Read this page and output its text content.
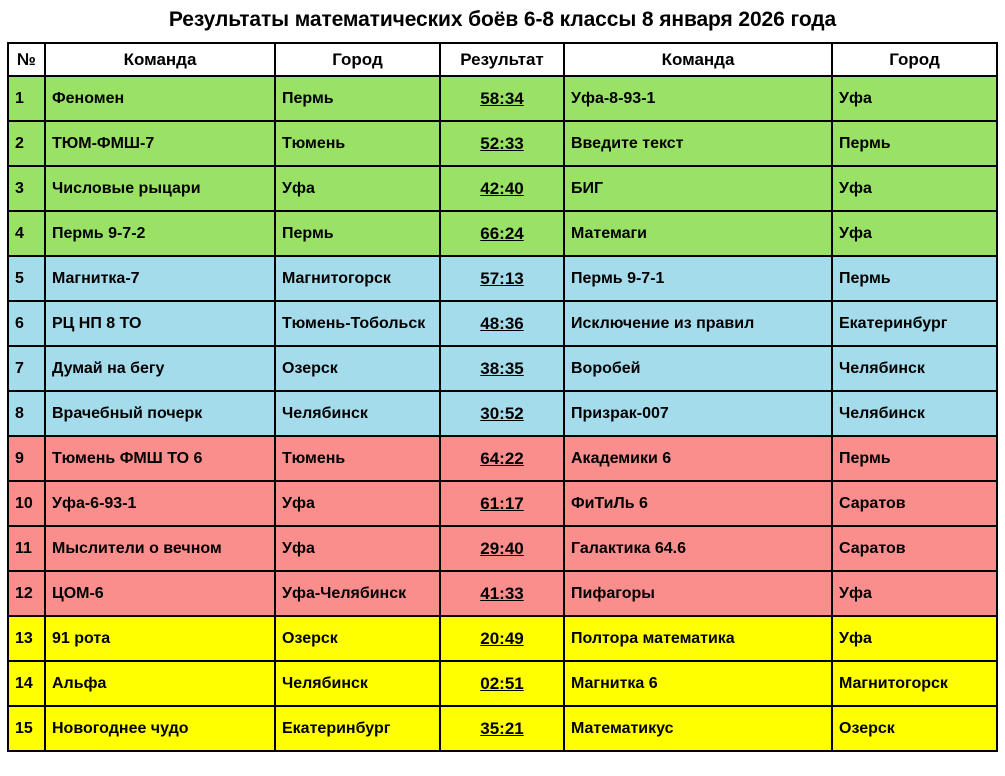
Результаты математических боёв 6-8 классы 8 января 2026 года
№	Команда	Город	Результат	Команда	Город
1	Феномен	Пермь	58:34	Уфа-8-93-1	Уфа
2	ТЮМ-ФМШ-7	Тюмень	52:33	Введите текст	Пермь
3	Числовые рыцари	Уфа	42:40	БИГ	Уфа
4	Пермь 9-7-2	Пермь	66:24	Матемаги	Уфа
5	Магнитка-7	Магнитогорск	57:13	Пермь 9-7-1	Пермь
6	РЦ НП 8 ТО	Тюмень-Тобольск	48:36	Исключение из правил	Екатеринбург
7	Думай на бегу	Озерск	38:35	Воробей	Челябинск
8	Врачебный почерк	Челябинск	30:52	Призрак-007	Челябинск
9	Тюмень ФМШ ТО 6	Тюмень	64:22	Академики 6	Пермь
10	Уфа-6-93-1	Уфа	61:17	ФиТиЛь 6	Саратов
11	Мыслители о вечном	Уфа	29:40	Галактика 64.6	Саратов
12	ЦОМ-6	Уфа-Челябинск	41:33	Пифагоры	Уфа
13	91 рота	Озерск	20:49	Полтора математика	Уфа
14	Альфа	Челябинск	02:51	Магнитка 6	Магнитогорск
15	Новогоднее чудо	Екатеринбург	35:21	Математикус	Озерск
